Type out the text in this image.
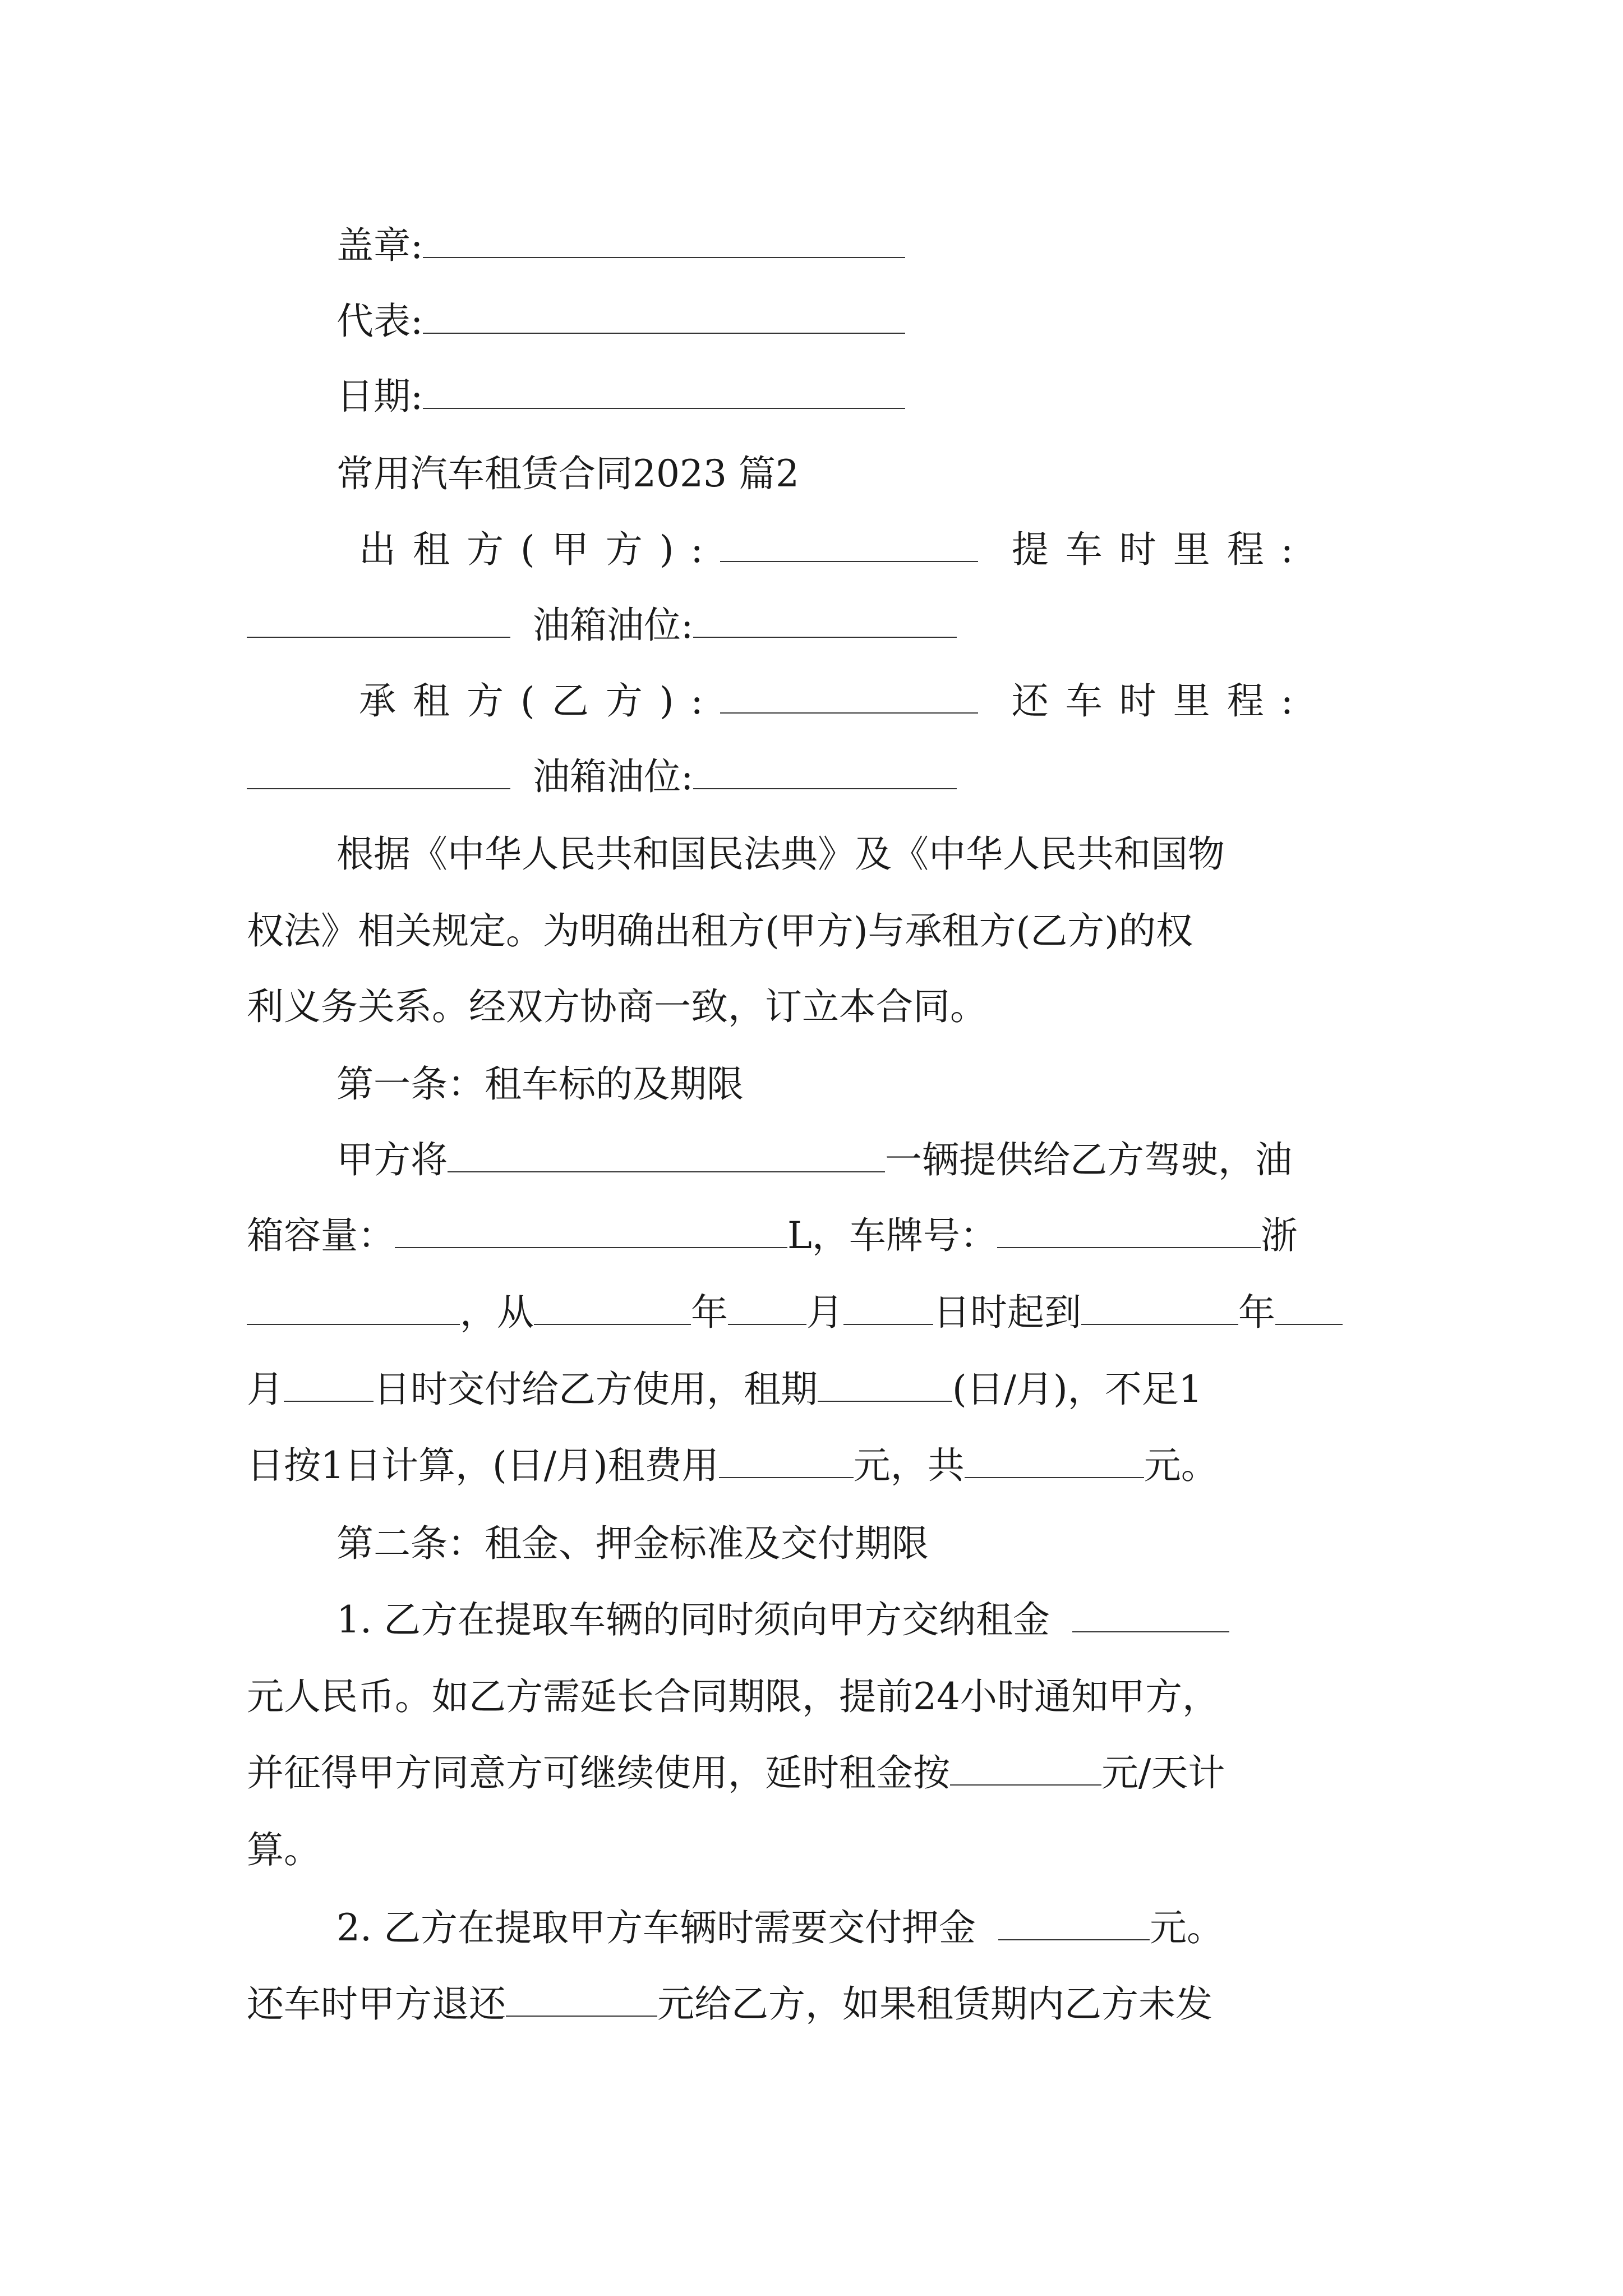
盖章:
代表:
日期:
常用汽车租赁合同2023 篇2
出租方(甲方):	提车时里程:
油箱油位:
承租方(乙方):	还车时里程:
油箱油位:
根据《中华人民共和国民法典》及《中华人民共和国物
权法》相关规定。为明确出租方(甲方)与承租方(乙方)的权
利义务关系。经双方协商一致，订立本合同。
第一条：租车标的及期限
甲方将	一辆提供给乙方驾驶，油
箱容量：	L，车牌号：	浙
，从	年 月 日时起到	年
月 日时交付给乙方使用，租期	(日/月)，不足1
日按1日计算，(日/月)租费用	元，共	元。
第二条：租金、押金标准及交付期限
1. 乙方在提取车辆的同时须向甲方交纳租金
元人民币。如乙方需延长合同期限，提前24小时通知甲方，
并征得甲方同意方可继续使用，延时租金按	元/天计
算。
2. 乙方在提取甲方车辆时需要交付押金	元。
还车时甲方退还	元给乙方，如果租赁期内乙方未发
